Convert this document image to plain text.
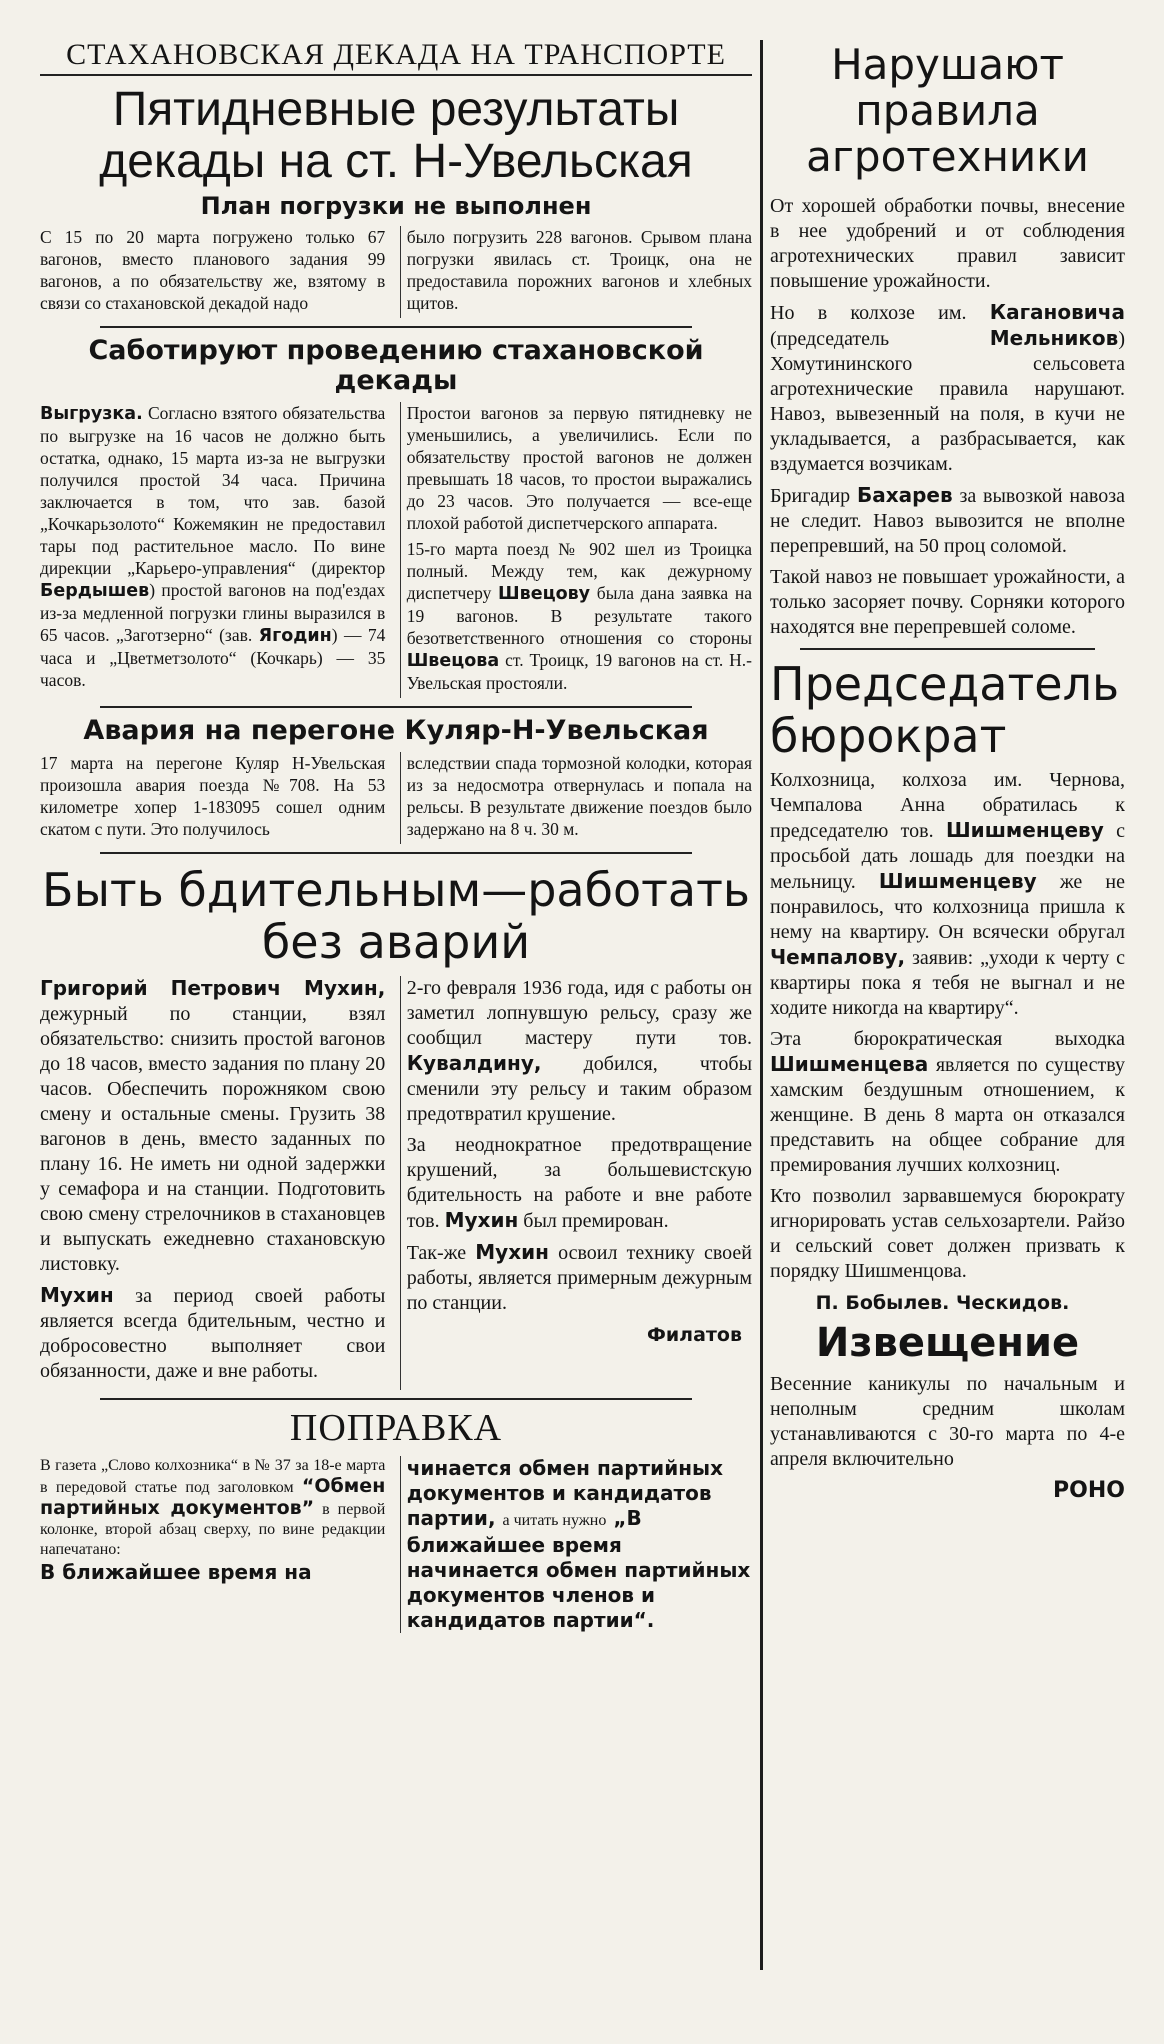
СТАХАНОВСКАЯ ДЕКАДА НА ТРАНСПОРТЕ
Пятидневные результаты декады на ст. Н-Увельская
План погрузки не выполнен

С 15 по 20 марта погружено только 67 вагонов, вместо планового задания 99 вагонов, а по обязательству же, взятому в связи со стахановской декадой надо

было погрузить 228 вагонов. Срывом плана погрузки явилась ст. Троицк, она не предоставила порожних вагонов и хлебных щитов.

Саботируют проведению стахановской декады

Выгрузка. Согласно взятого обязательства по выгрузке на 16 часов не должно быть остатка, однако, 15 марта из-за не выгрузки получился простой 34 часа. Причина заключается в том, что зав. базой „Кочкарьзолото“ Кожемякин не предоставил тары под растительное масло. По вине дирекции „Карьеро-управления“ (директор Бердышев) простой вагонов на под'ездах из-за медленной погрузки глины выразился в 65 часов. „Заготзерно“ (зав. Ягодин) — 74 часа и „Цветметзолото“ (Кочкарь) — 35 часов.

Простои вагонов за первую пятидневку не уменьшились, а увеличились. Если по обязательству простой вагонов не должен превышать 18 часов, то простои выражались до 23 часов. Это получается — все-еще плохой работой диспетчерского аппарата.

15-го марта поезд № 902 шел из Троицка полный. Между тем, как дежурному диспетчеру Швецову была дана заявка на 19 вагонов. В результате такого безответственного отношения со стороны Швецова ст. Троицк, 19 вагонов на ст. Н.-Увельская простояли.

Авария на перегоне Куляр-Н-Увельская

17 марта на перегоне Куляр Н-Увельская произошла авария поезда №708. На 53 километре хопер 1-183095 сошел одним скатом с пути. Это получилось

вследствии спада тормозной колодки, которая из за недосмотра отвернулась и попала на рельсы. В результате движение поездов было задержано на 8 ч. 30 м.

Быть бдительным—работать без аварий

Григорий Петрович Мухин, дежурный по станции, взял обязательство: снизить простой вагонов до 18 часов, вместо задания по плану 20 часов. Обеспечить порожняком свою смену и остальные смены. Грузить 38 вагонов в день, вместо заданных по плану 16. Не иметь ни одной задержки у семафора и на станции. Подготовить свою смену стрелочников в стахановцев и выпускать ежедневно стахановскую листовку.

Мухин за период своей работы является всегда бдительным, честно и добросовестно выполняет свои обязанности, даже и вне работы.

2-го февраля 1936 года, идя с работы он заметил лопнувшую рельсу, сразу же сообщил мастеру пути тов. Кувалдину, добился, чтобы сменили эту рельсу и таким образом предотвратил крушение.

За неоднократное предотвращение крушений, за большевистскую бдительность на работе и вне работе тов. Мухин был премирован.

Так-же Мухин освоил технику своей работы, является примерным дежурным по станции.

Филатов
ПОПРАВКА

В газета „Слово колхозника“ в № 37 за 18-е марта в передовой статье под заголовком “Обмен партийных документов” в первой колонке, второй абзац сверху, по вине редакции напечатано:

В ближайшее время на

чинается обмен партийных документов и кандидатов партии, а читать нужно „В ближайшее время начинается обмен партийных документов членов и кандидатов партии“.

Нарушают правила агротехники

От хорошей обработки почвы, внесение в нее удобрений и от соблюдения агротехнических правил зависит повышение урожайности.

Но в колхозе им. Кагановича (председатель	Мельников) Хомутининского сельсовета агротехнические правила нарушают. Навоз, вывезенный на поля, в кучи не укладывается, а разбрасывается, как вздумается возчикам.

Бригадир Бахарев за вывозкой навоза не следит. Навоз вывозится не вполне перепревший, на 50 проц соломой.

Такой навоз не повышает урожайности, а только засоряет почву. Сорняки которого находятся вне перепревшей соломе.

Председатель бюрократ

Колхозница, колхоза им. Чернова, Чемпалова Анна обратилась к председателю тов. Шишменцеву с просьбой дать лошадь для поездки на мельницу. Шишменцеву же не понравилось, что колхозница пришла к нему на квартиру. Он всячески обругал Чемпалову, заявив: „уходи к черту с квартиры пока я тебя не выгнал и не ходите никогда на квартиру“.

Эта бюрократическая выходка Шишменцева является по существу хамским бездушным отношением, к женщине. В день 8 марта он отказался представить на общее собрание для премирования лучших колхозниц.

Кто позволил зарвавшемуся бюрократу игнорировать устав сельхозартели. Райзо и сельский совет должен призвать к порядку Шишменцова.

П. Бобылев. Ческидов.
Извещение

Весенние каникулы по начальным и неполным средним школам устанавливаются с 30-го марта по 4-е апреля включительно

РОНО
